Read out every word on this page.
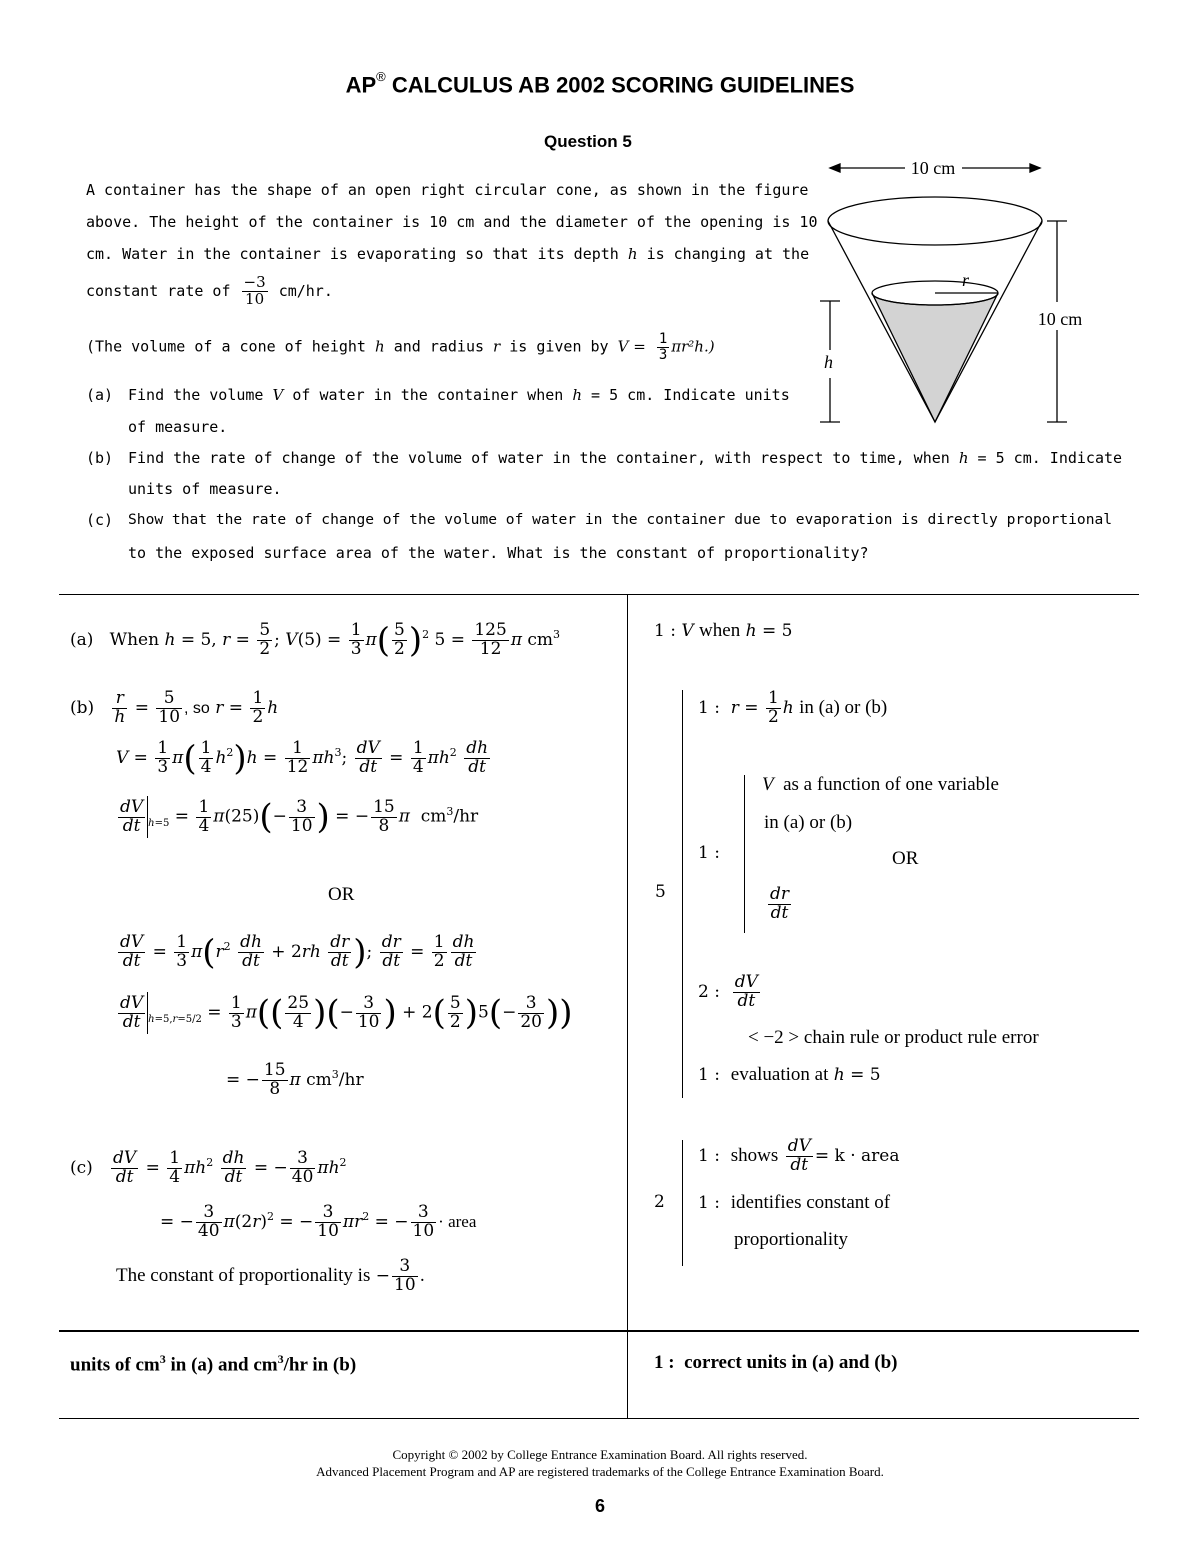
AP® CALCULUS AB 2002 SCORING GUIDELINES
Question 5
10 cm
10 cm
r
h
A container has the shape of an open right circular cone, as shown in the figure
above. The height of the container is 10 cm and the diameter of the opening is 10
cm. Water in the container is evaporating so that its depth h is changing at the
constant rate of $\frac{-3}{10} cm/hr$.
(The volume of a cone of height h and radius r is given by $V = \frac{1}{3} \pi r^2h$.)
(a) Find the volume V of water in the container when h = 5 cm. Indicate units
of measure.
(b) Find the rate of change of the volume of water in the container, with respect to time, when h = 5 cm. Indicate
units of measure.
(c) Show that the rate of change of the volume of water in the container due to evaporation is directly proportional
to the exposed surface area of the water. What is the constant of proportionality?
(a) When h = 5, $r = \frac{5}{2}$ ; $V(5) = \frac{1}{3} \pi( \frac{5}{2} )^2$ $5 = \frac{125}{12}$ π $cm^3$
$(b) \frac{r}{h} = \frac{5}{10}$ , so $r = \frac{1}{2}$ h
$V = \frac{1}{3} \pi( \frac{1}{4} h^2)h = \frac{1}{12} \pi h^3$; $\frac{dV}{dt} = \frac{1}{4} \pi h^2 \frac{dh}{dt}$
$\frac{dV}{dt} _{h=5} = \frac{1}{4} \pi(25)(- \frac{3}{10}$ ) = − $\frac{15}{8}$ π  $cm^3/hr$
OR
$\frac{dV}{dt} = \frac{1}{3} \pi(r^2 \frac{dh}{dt} + 2rh \frac{dr}{dt}$ ); $\frac{dr}{dt} = \frac{1}{2} \frac{dh}{dt}$
$\frac{dV}{dt} _{h=5,r=5/2} = \frac{1}{3} \pi(( \frac{25}{4}$ )(− $\frac{3}{10}$ ) + $2( \frac{5}{2} )5(- \frac{3}{20}$ ))
= − $\frac{15}{8}$ π $cm^3/hr$
$(c) \frac{dV}{dt} = \frac{1}{4} \pi h^2 \frac{dh}{dt}$ = − $\frac{3}{40} \pi h^2$
= − $\frac{3}{40} \pi(2r)^2$ = − $\frac{3}{10} \pi r^2$ = − $\frac{3}{10}$ · area
The constant of proportionality is − $\frac{3}{10}$ .
units of $cm^3$ in (a) and $cm^3/hr$ in (b)
1 : V when h = 5
5
1 : $r = \frac{1}{2}$ h in (a) or (b)
1 :
V as a function of one variable
in (a) or (b)
OR
$\frac{dr}{dt}$
2 : $\frac{dV}{dt}$
< −2 > chain rule or product rule error
1 : evaluation at h = 5
2
1 : shows $\frac{dV}{dt} = k$ · area
1 : identifies constant of
proportionality
1 : correct units in (a) and (b)
Copyright © 2002 by College Entrance Examination Board. All rights reserved.
Advanced Placement Program and AP are registered trademarks of the College Entrance Examination Board.
6
